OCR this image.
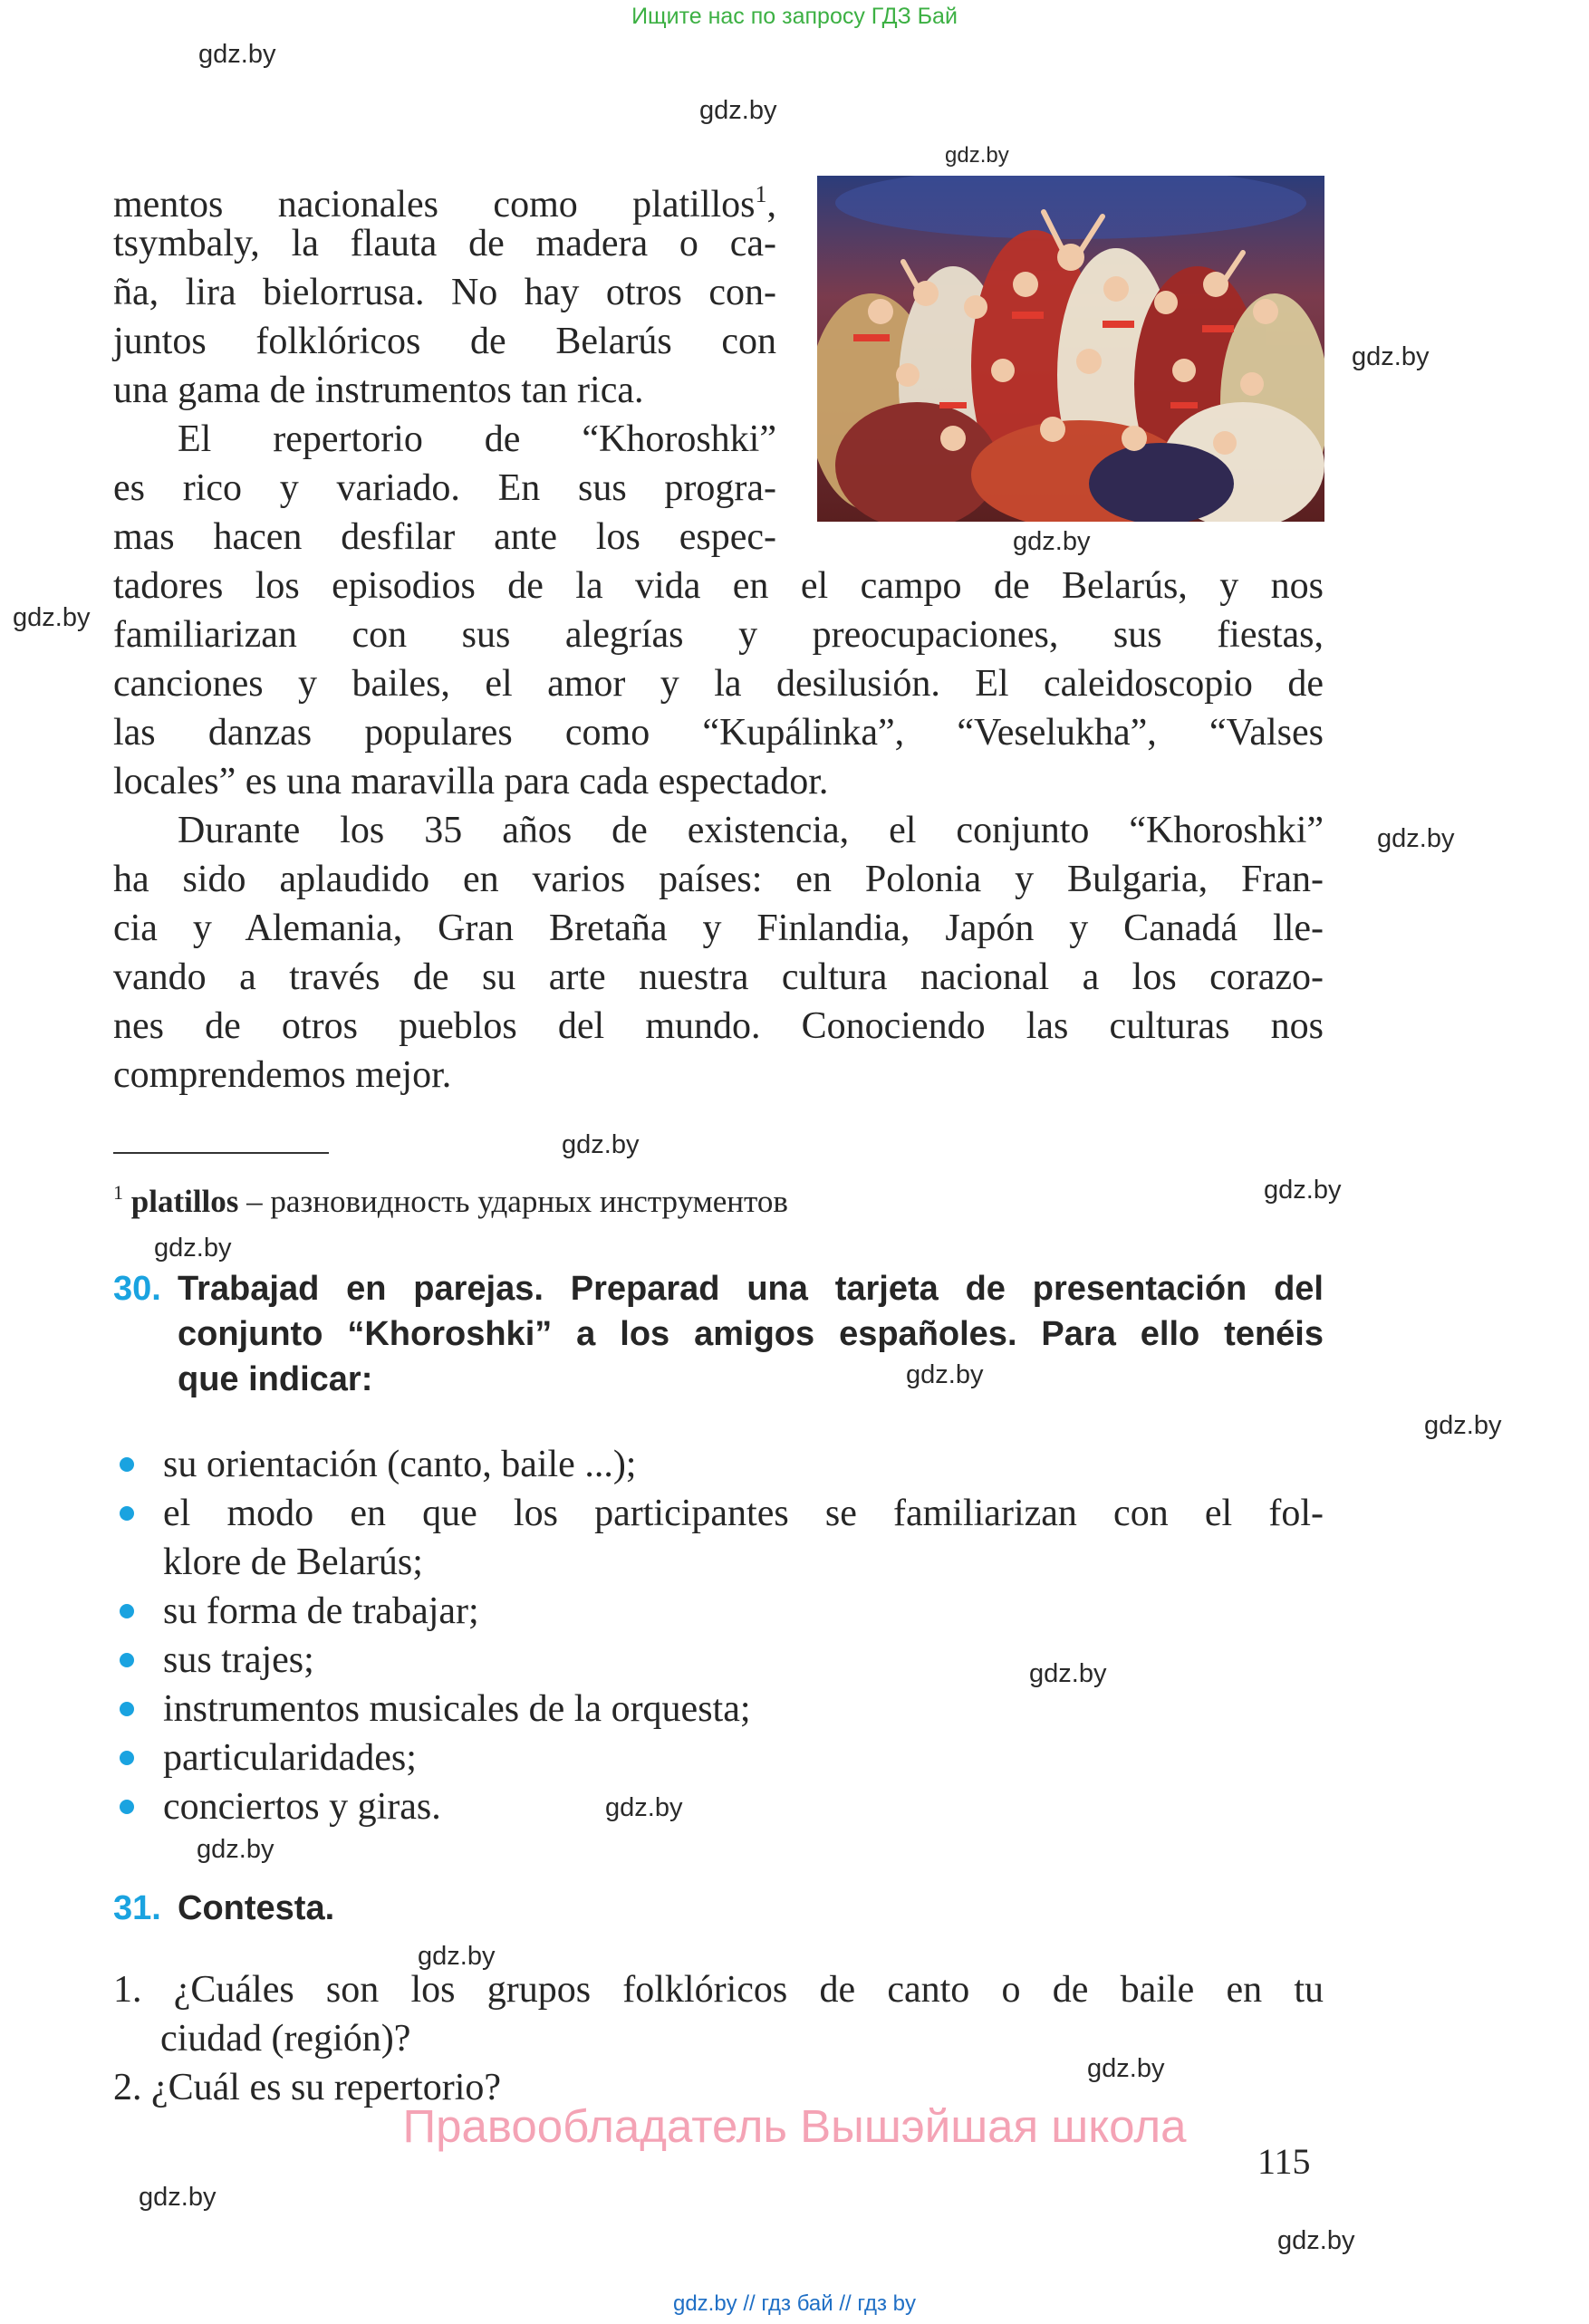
Ищите нас по запросу ГДЗ Бай
gdz.by
gdz.by
gdz.by
gdz.by
gdz.by
gdz.by
gdz.by
gdz.by
gdz.by
gdz.by
gdz.by
gdz.by
gdz.by
gdz.by
gdz.by
gdz.by
gdz.by
gdz.by
gdz.by
mentos nacionales como platillos$^1$,
tsymbaly, la flauta de madera o ca-
ña, lira bielorrusa. No hay otros con-
juntos folklóricos de Belarús con
una gama de instrumentos tan rica.
El repertorio de “Khoroshki”
es rico y variado. En sus progra-
mas hacen desfilar ante los espec-
tadores los episodios de la vida en el campo de Belarús, y nos
familiarizan con sus alegrías y preocupaciones, sus fiestas,
canciones y bailes, el amor y la desilusión. El caleidoscopio de
las danzas populares como “Kupálinka”, “Veselukha”, “Valses
locales” es una maravilla para cada espectador.
Durante los 35 años de existencia, el conjunto “Khoroshki”
ha sido aplaudido en varios países: en Polonia y Bulgaria, Fran-
cia y Alemania, Gran Bretaña y Finlandia, Japón y Canadá lle-
vando a través de su arte nuestra cultura nacional a los corazo-
nes de otros pueblos del mundo. Conociendo las culturas nos
comprendemos mejor.
$^1$ platillos – разновидность ударных инструментов
30. Trabajad en parejas. Preparad una tarjeta de presentación del
conjunto “Khoroshki” a los amigos españoles. Para ello tenéis
que indicar:
su orientación (canto, baile ...);
el modo en que los participantes se familiarizan con el fol-
klore de Belarús;
su forma de trabajar;
sus trajes;
instrumentos musicales de la orquesta;
particularidades;
conciertos y giras.
31. Contesta.
1. ¿Cuáles son los grupos folklóricos de canto o de baile en tu
ciudad (región)?
2. ¿Cuál es su repertorio?
Правообладатель Вышэйшая школа
115
gdz.by // гдз бай // гдз by
